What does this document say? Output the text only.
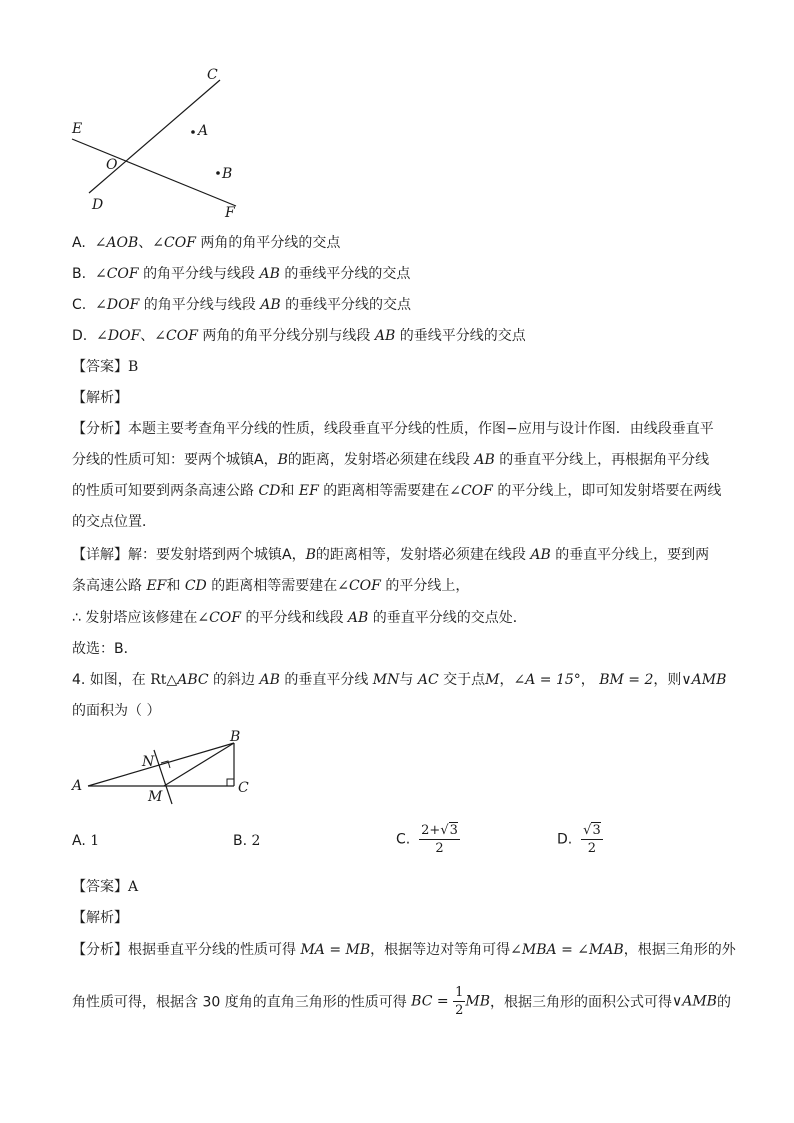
C
E	A
O
B
D	F
A. ∠AOB、∠COF 两角的角平分线的交点
B. ∠COF 的角平分线与线段 AB 的垂线平分线的交点
C. ∠DOF 的角平分线与线段 AB 的垂线平分线的交点
D. ∠DOF、∠COF 两角的角平分线分别与线段 AB 的垂线平分线的交点
【答案】B
【解析】
【分析】本题主要考查角平分线的性质，线段垂直平分线的性质，作图−应用与设计作图．由线段垂直平
分线的性质可知：要两个城镇A，B的距离，发射塔必须建在线段 AB 的垂直平分线上，再根据角平分线
的性质可知要到两条高速公路 CD和 EF 的距离相等需要建在∠COF 的平分线上，即可知发射塔要在两线
的交点位置．
【详解】解：要发射塔到两个城镇A，B的距离相等，发射塔必须建在线段 AB 的垂直平分线上，要到两
条高速公路 EF和 CD 的距离相等需要建在∠COF 的平分线上，
∴ 发射塔应该修建在∠COF 的平分线和线段 AB 的垂直平分线的交点处．
故选：B．
4. 如图，在 Rt△ABC 的斜边 AB 的垂直平分线 MN与 AC 交于点M，∠A = 15°， BM = 2，则∨AMB
的面积为（ ）
B
N
A	C
M
A. 1	B. 2	C. $\frac{2+√3}{2}$	D. $\frac{√3}{2}$
【答案】A
【解析】
【分析】根据垂直平分线的性质可得 MA = MB，根据等边对等角可得∠MBA = ∠MAB，根据三角形的外
角性质可得，根据含 30 度角的直角三角形的性质可得 BC = $\frac{1}{2}$ MB，根据三角形的面积公式可得∨AMB的
